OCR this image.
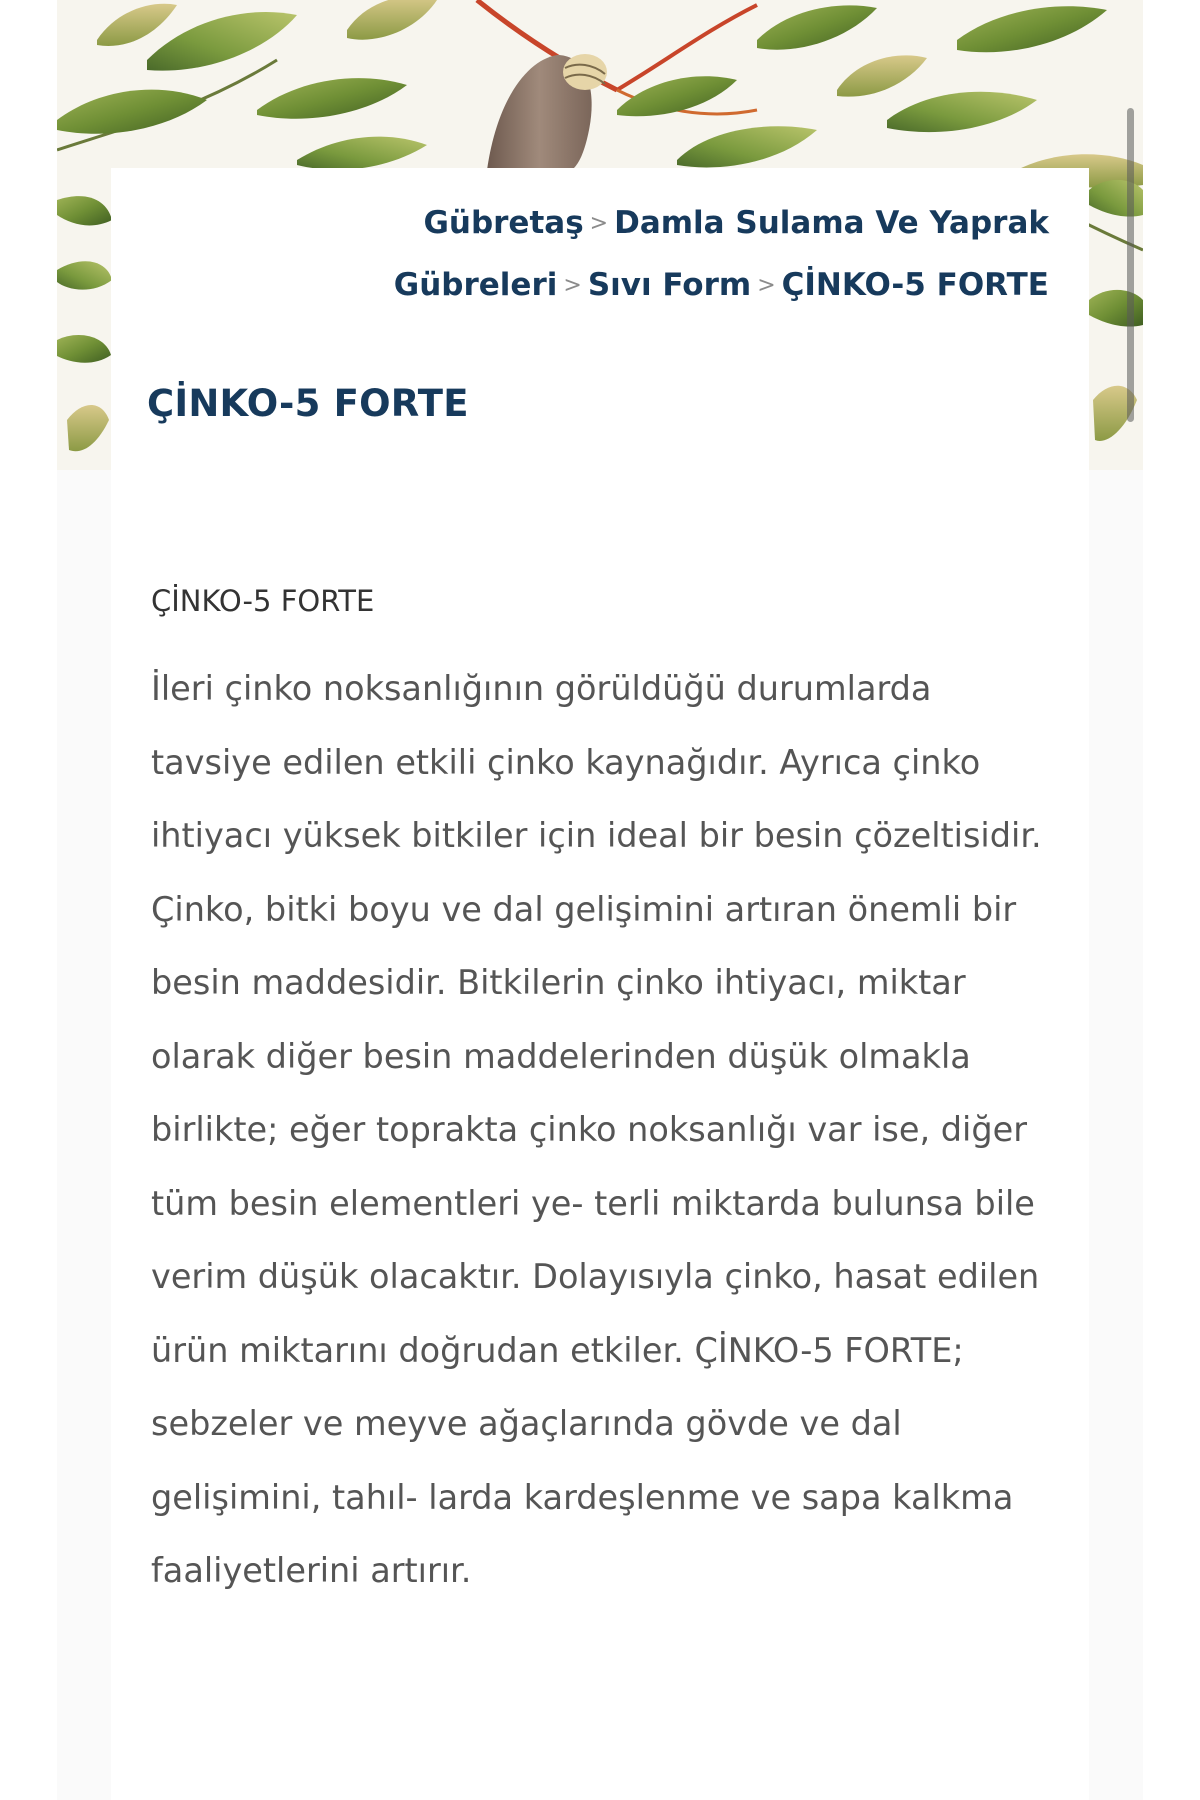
Gübretaş > Damla Sulama Ve Yaprak Gübreleri > Sıvı Form > ÇİNKO-5 FORTE
ÇİNKO-5 FORTE
ÇİNKO-5 FORTE

İleri çinko noksanlığının görüldüğü durumlarda tavsiye edilen etkili çinko kaynağıdır. Ayrıca çinko ihtiyacı yüksek bitkiler için ideal bir besin çözeltisidir. Çinko, bitki boyu ve dal gelişimini artıran önemli bir besin maddesidir. Bitkilerin çinko ihtiyacı, miktar olarak diğer besin maddelerinden düşük olmakla birlikte; eğer toprakta çinko noksanlığı var ise, diğer tüm besin elementleri ye- terli miktarda bulunsa bile verim düşük olacaktır. Dolayısıyla çinko, hasat edilen ürün miktarını doğrudan etkiler. ÇİNKO-5 FORTE; sebzeler ve meyve ağaçlarında gövde ve dal gelişimini, tahıl- larda kardeşlenme ve sapa kalkma faaliyetlerini artırır.
